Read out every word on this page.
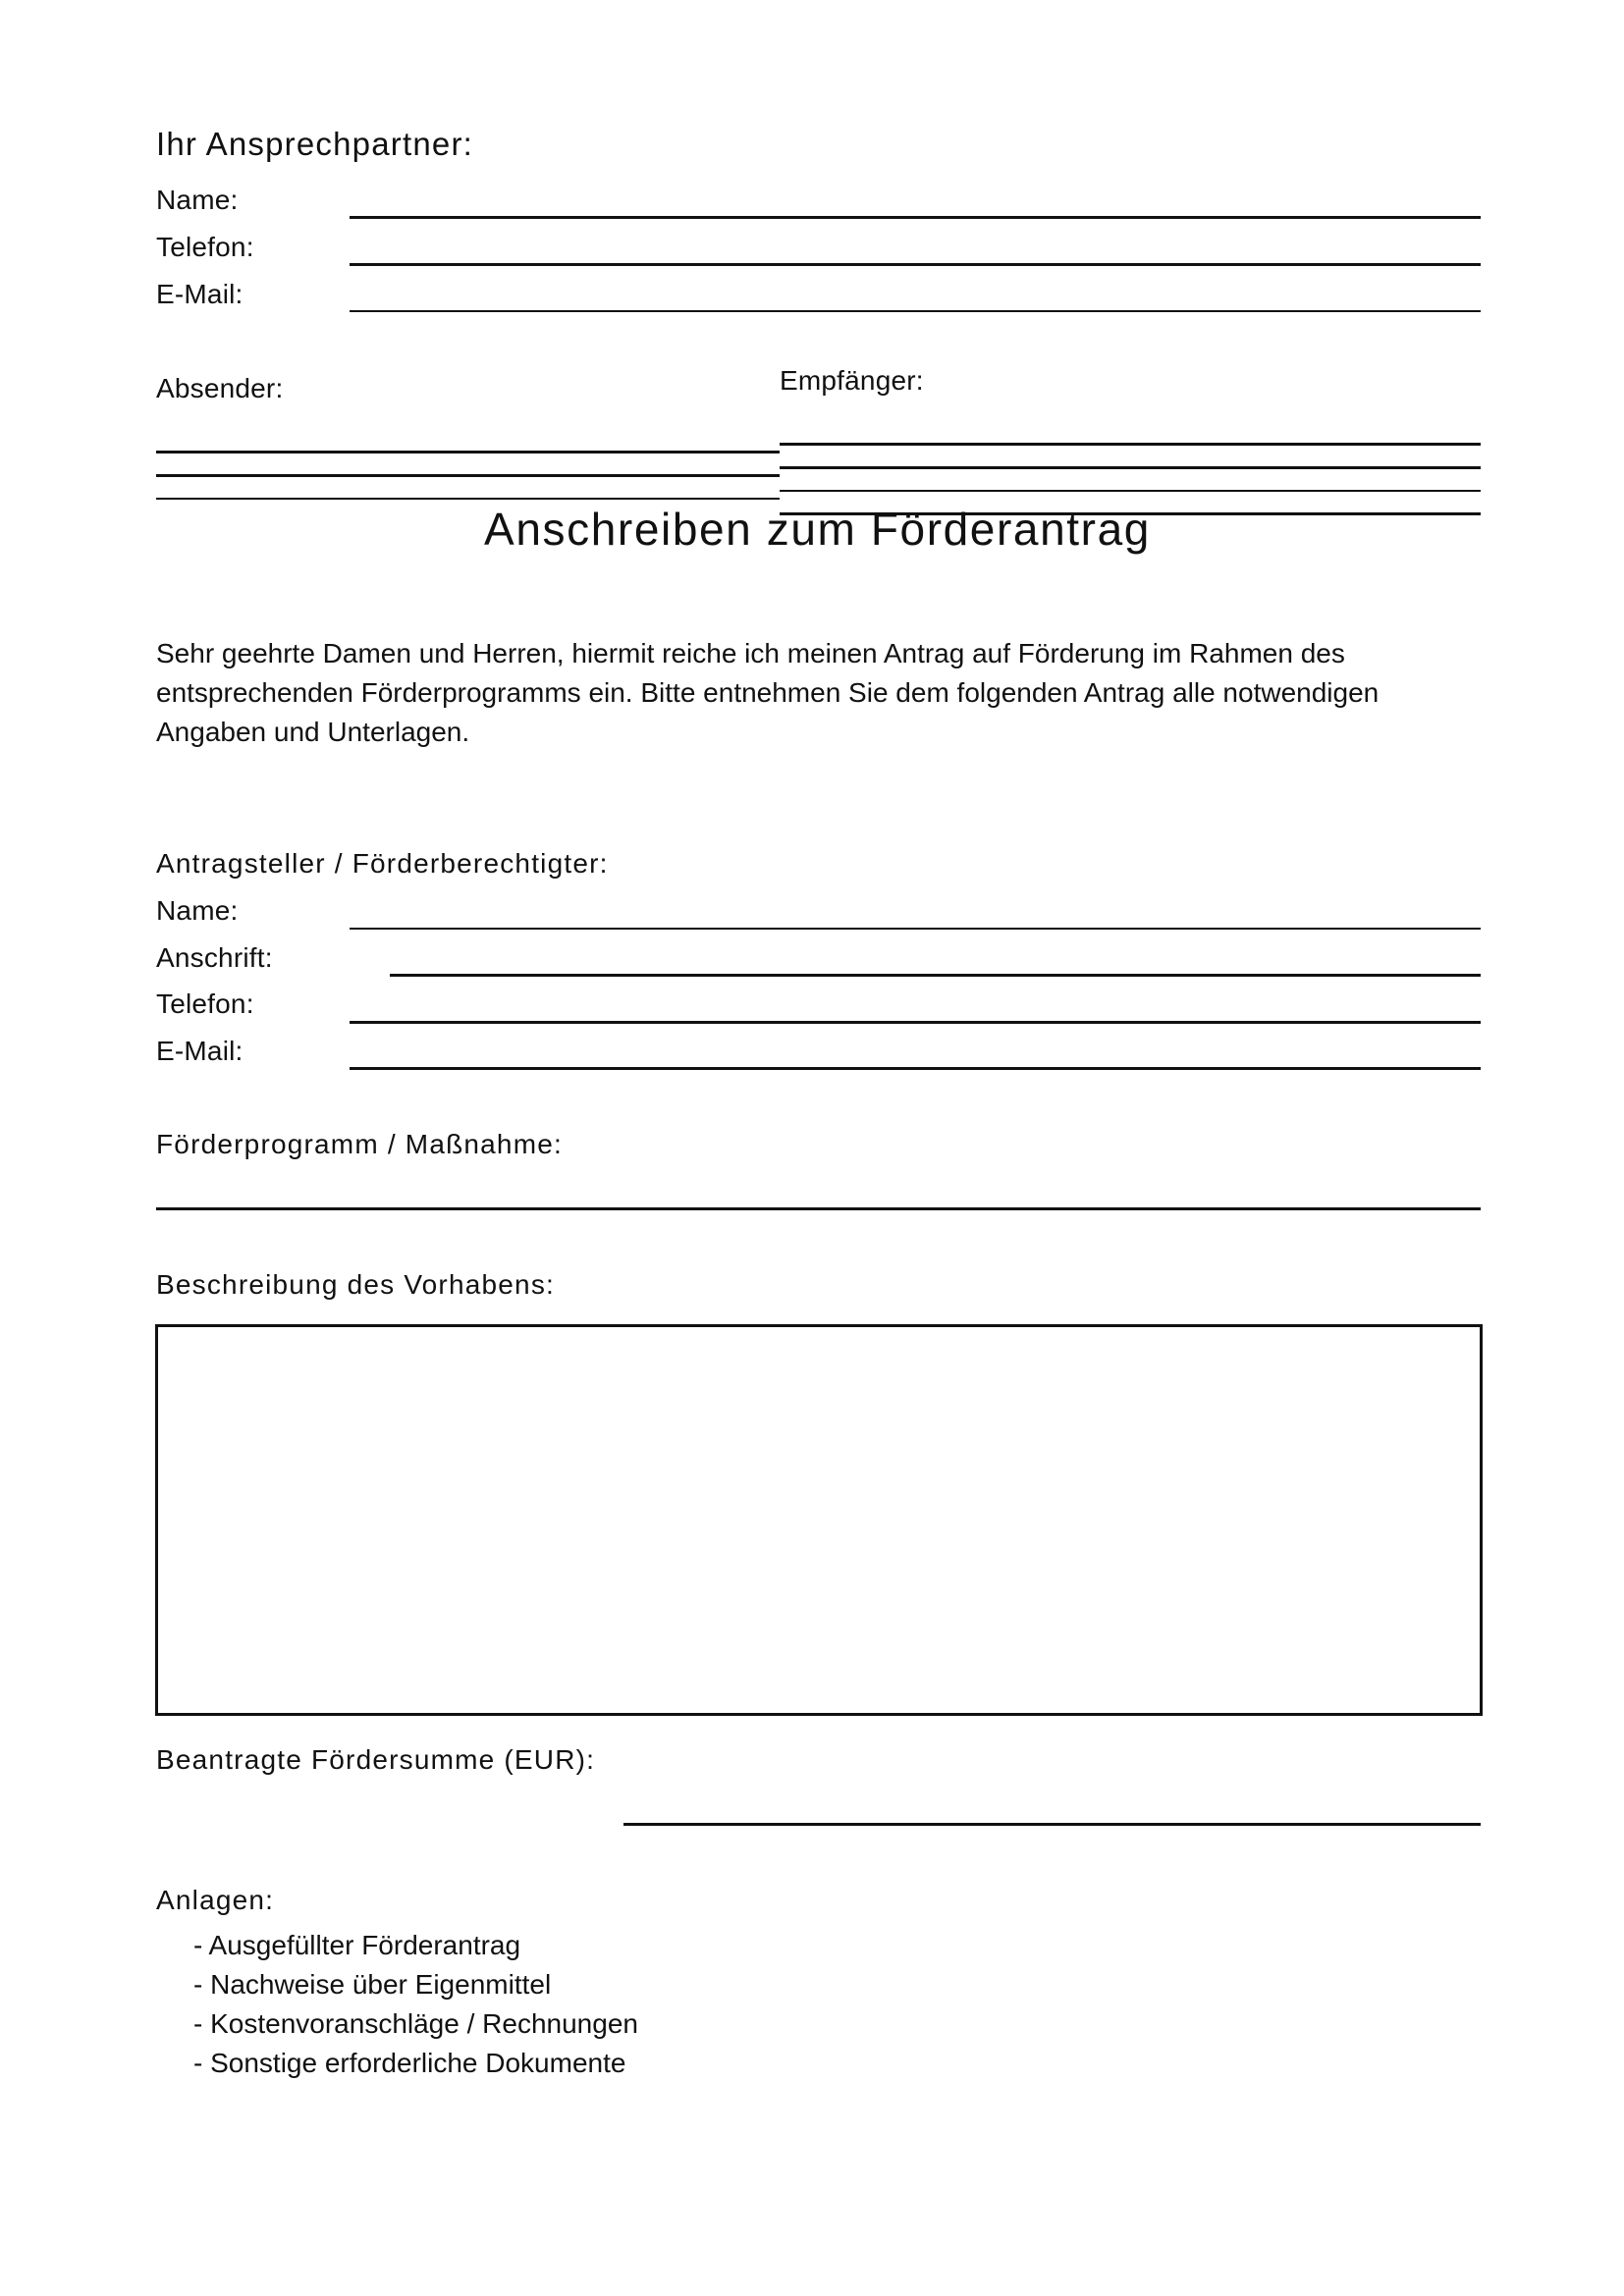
Ihr Ansprechpartner:
Name:
Telefon:
E-Mail:
Absender:	Empfänger:
Anschreiben zum Förderantrag
Sehr geehrte Damen und Herren, hiermit reiche ich meinen Antrag auf Förderung im Rahmen des entsprechenden Förderprogramms ein. Bitte entnehmen Sie dem folgenden Antrag alle notwendigen Angaben und Unterlagen.
Antragsteller / Förderberechtigter:
Name:
Anschrift:
Telefon:
E-Mail:
Förderprogramm / Maßnahme:
Beschreibung des Vorhabens:
Beantragte Fördersumme (EUR):
Anlagen:
- Ausgefüllter Förderantrag
- Nachweise über Eigenmittel
- Kostenvoranschläge / Rechnungen
- Sonstige erforderliche Dokumente
